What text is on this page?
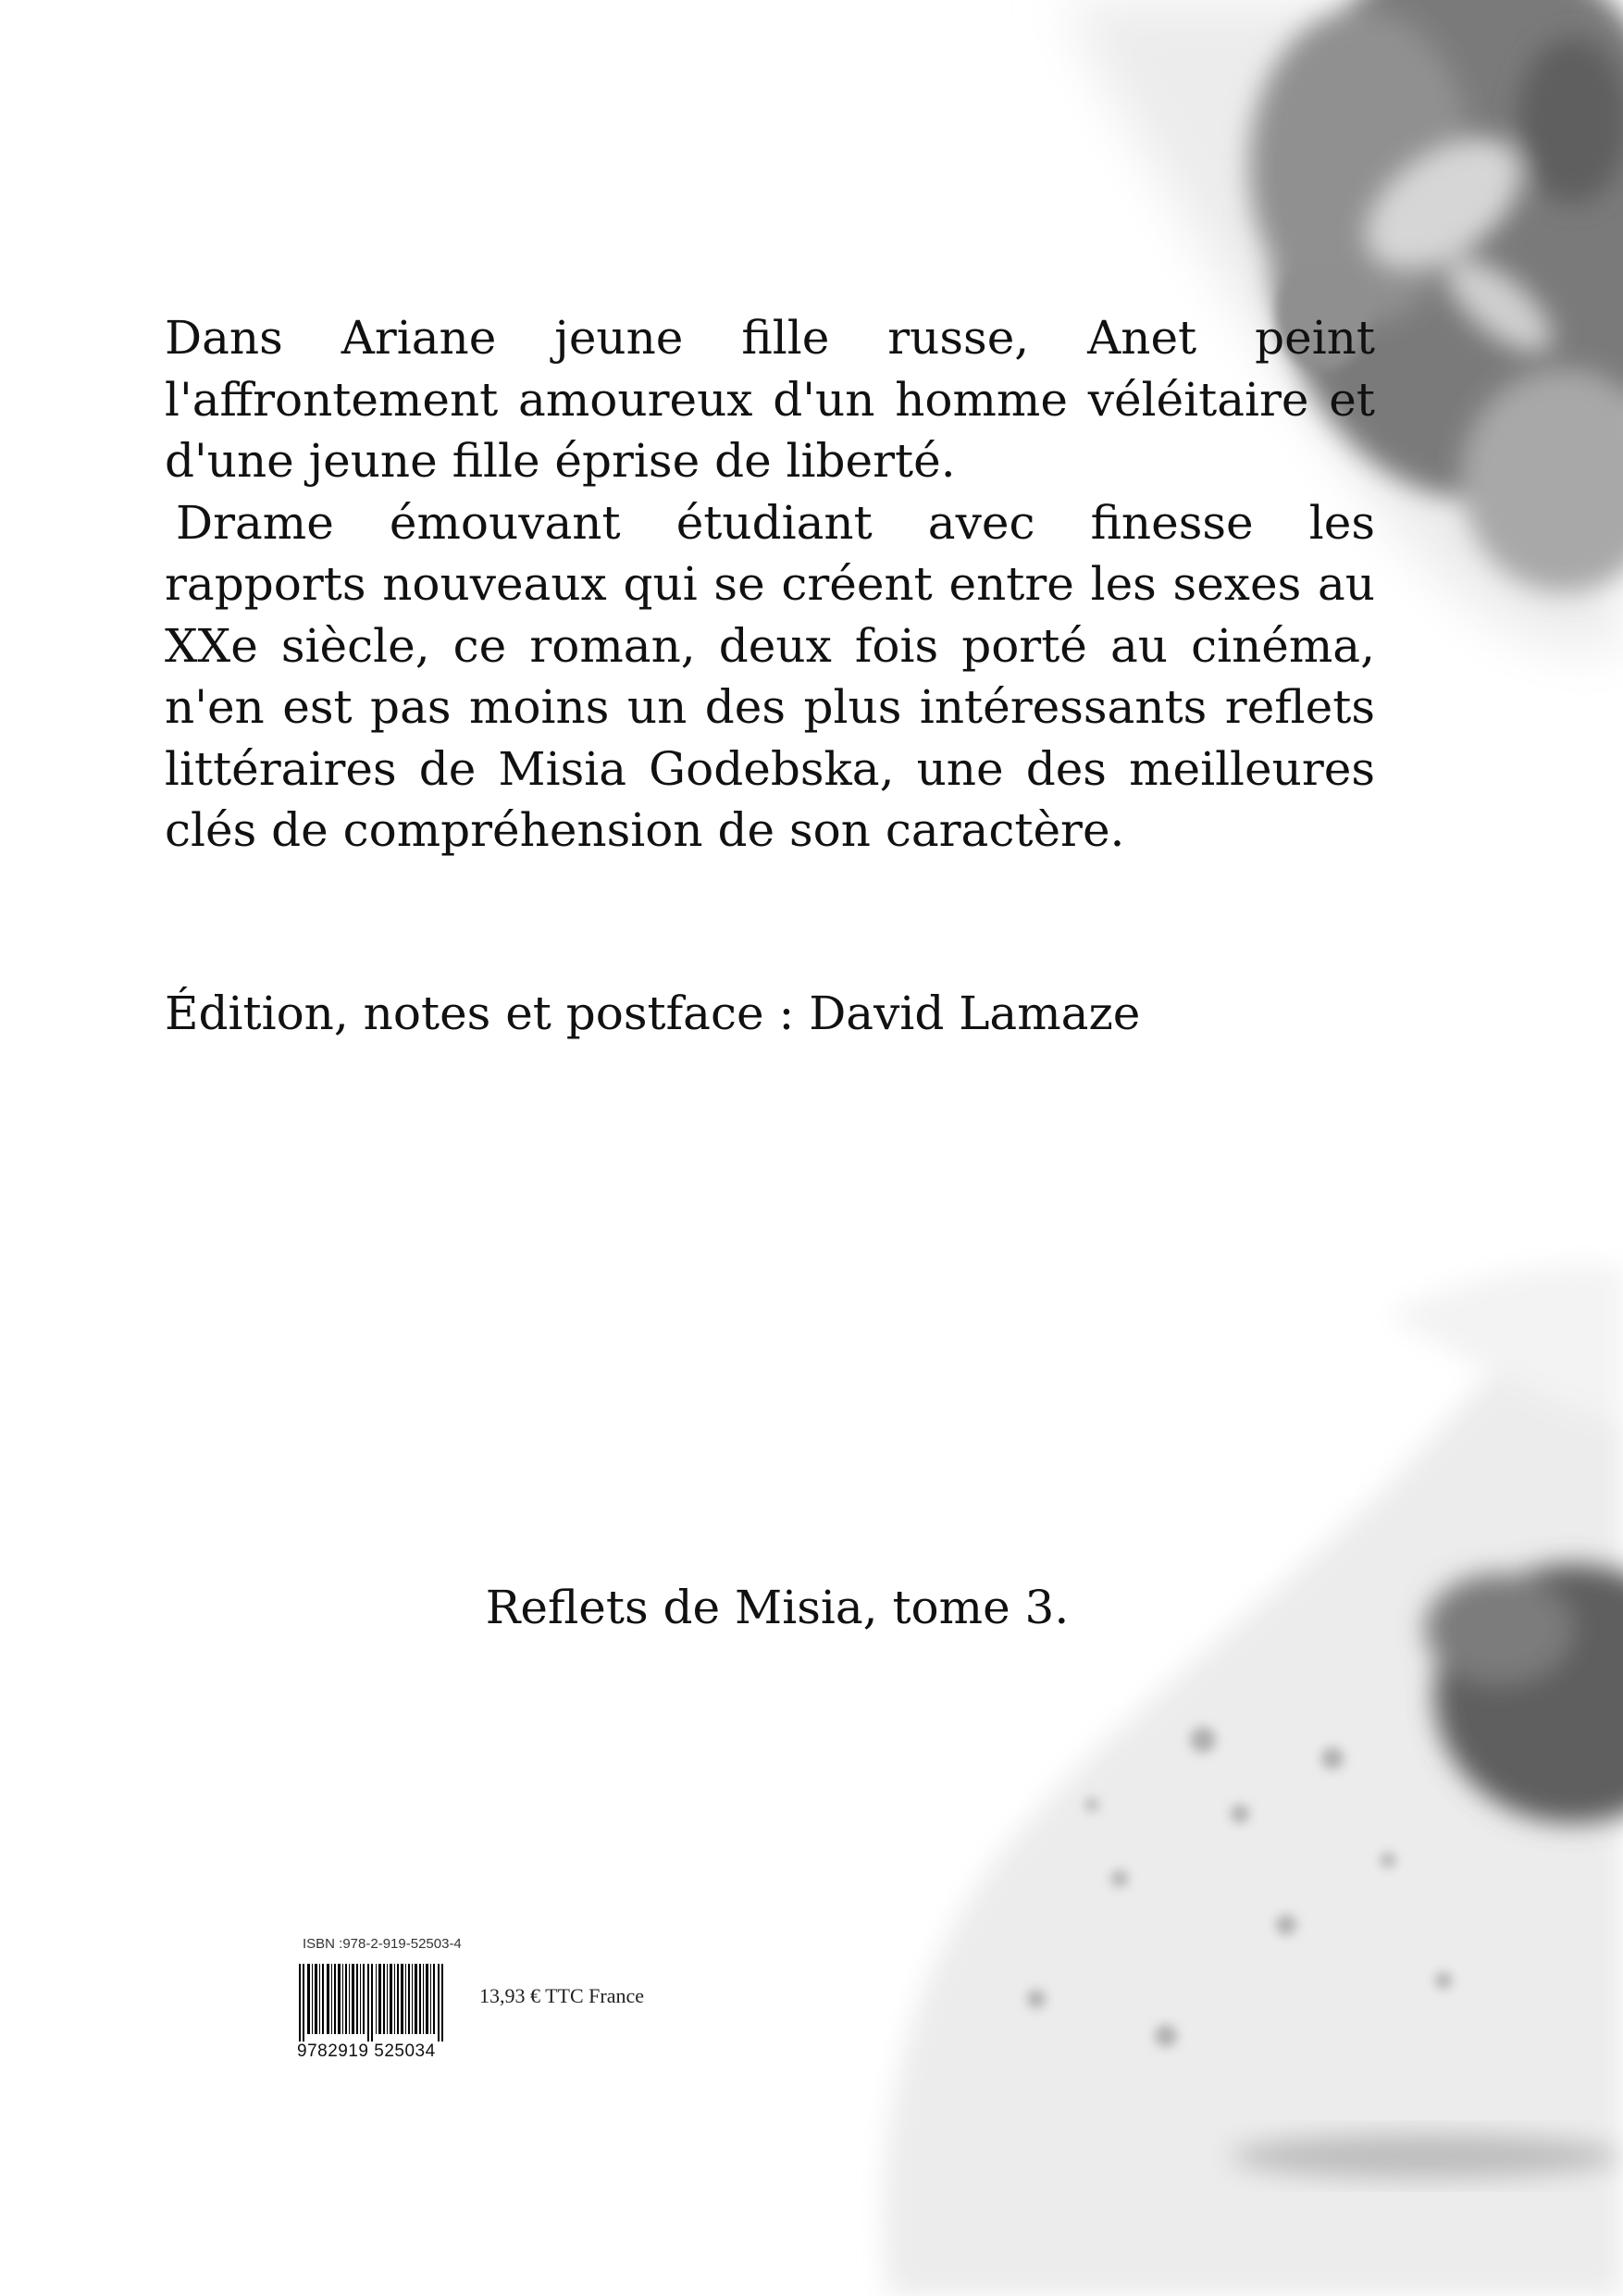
Dans Ariane jeune fille russe, Anet peint l'affrontement amoureux d'un homme véléitaire et d'une jeune fille éprise de liberté.

Drame émouvant étudiant avec finesse les rapports nouveaux qui se créent entre les sexes au XXe siècle, ce roman, deux fois porté au cinéma, n'en est pas moins un des plus intéressants reflets littéraires de Misia Godebska, une des meilleures clés de compréhension de son caractère.

Édition, notes et postface : David Lamaze
Reflets de Misia, tome 3.
ISBN :978-2-919-52503-4
9782919 525034
13,93 € TTC France
